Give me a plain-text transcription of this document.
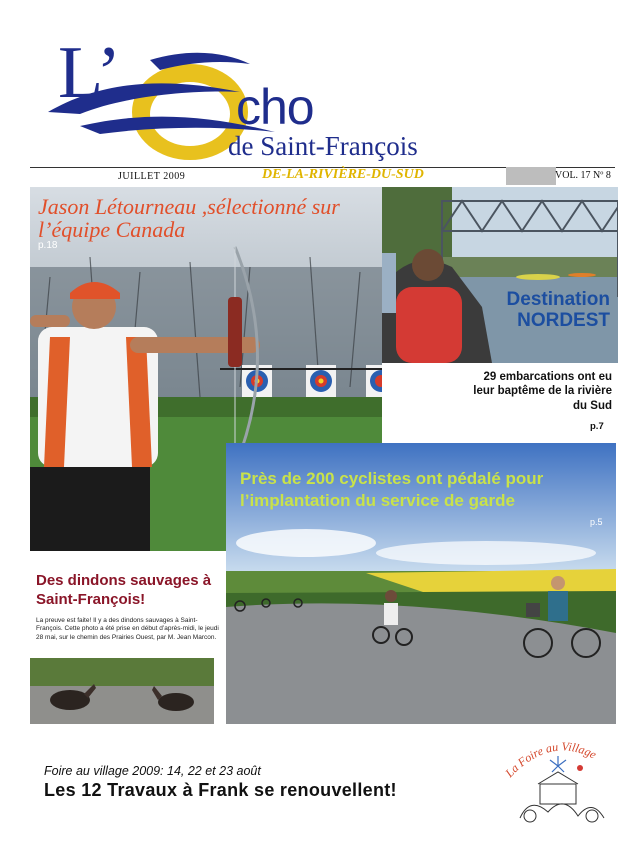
L’ cho
de Saint-François
JUILLET 2009	DE-LA-RIVIÈRE-DU-SUD	VOL. 17 Nº 8
Jason Létourneau ,sélectionné sur l’équipe Canada
p.18
Destination NORDEST
29 embarcations ont eu leur baptême de la rivière du Sud
p.7
Près de 200 cyclistes ont pédalé pour l’implantation du service de garde
p.5
Des dindons sauvages à Saint-François!
La preuve est faite! Il y a des dindons sauvages à Saint-François. Cette photo a été prise en début d’après-midi, le jeudi 28 mai, sur le chemin des Prairies Ouest, par M. Jean Marcon.
Foire au village 2009: 14, 22 et 23 août
Les 12 Travaux à Frank se renouvellent!
La Foire au Village
